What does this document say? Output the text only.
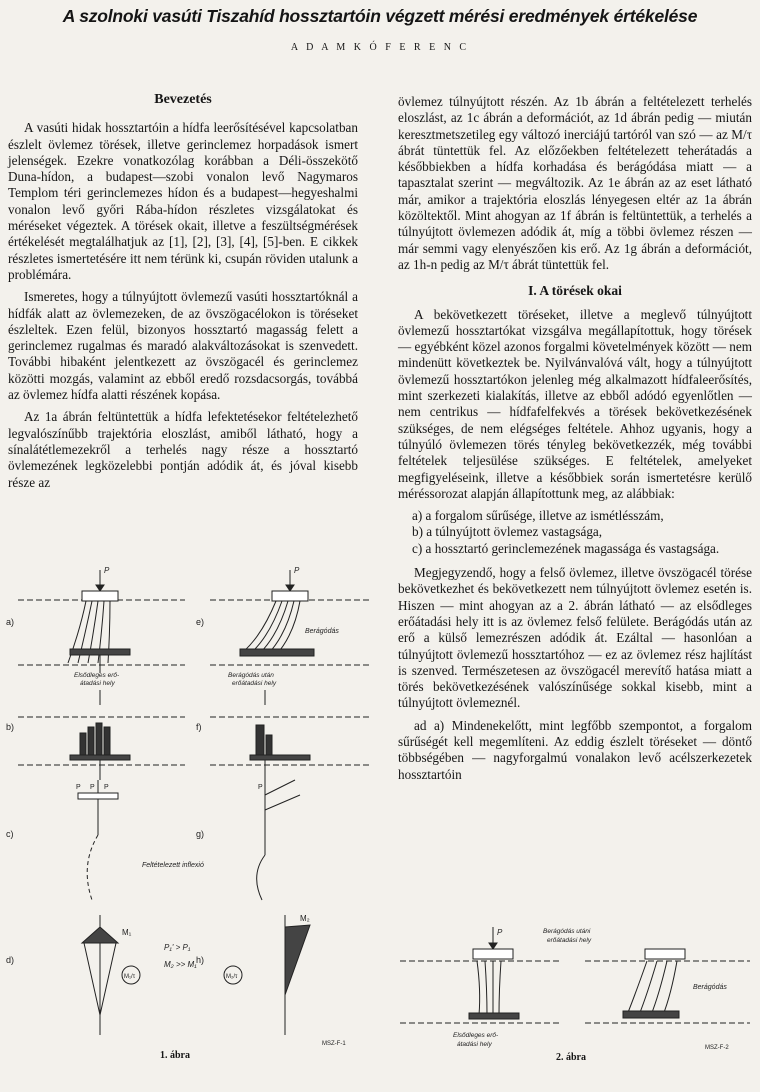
A szolnoki vasúti Tiszahíd hossztartóin végzett mérési eredmények értékelése
A D A M K Ó F E R E N C
Bevezetés

A vasúti hidak hossztartóin a hídfa leerősítésével kapcsolatban észlelt övlemez törések, illetve gerinclemez horpadások ismert jelenségek. Ezekre vonatkozólag korábban a Déli-összekötő Duna-hídon, a budapest—szobi vonalon levő Nagymaros Templom téri gerinclemezes hídon és a budapest—hegyeshalmi vonalon levő győri Rába-hídon részletes vizsgálatokat és méréseket végeztek. A törések okait, illetve a feszültségmérések értékelését megtalálhatjuk az [1], [2], [3], [4], [5]-ben. E cikkek részletes ismertetésére itt nem térünk ki, csupán röviden utalunk a problémára.

Ismeretes, hogy a túlnyújtott övlemezű vasúti hossztartóknál a hídfák alatt az övlemezeken, de az övszögacélokon is töréseket észleltek. Ezen felül, bizonyos hossztartó magasság felett a gerinclemez rugalmas és maradó alakváltozásokat is szenvedett. További hibaként jelentkezett az övszögacél és gerinclemez közötti mozgás, valamint az ebből eredő rozsdacsorgás, továbbá az övlemez hídfa alatti részének kopása.

Az 1a ábrán feltüntettük a hídfa lefektetésekor feltételezhető legvalószínűbb trajektória eloszlást, amiből látható, hogy a sínalátétlemezekről a terhelés nagy része a hossztartó övlemezének legközelebbi pontján adódik át, és jóval kisebb része az

övlemez túlnyújtott részén. Az 1b ábrán a feltételezett terhelés eloszlást, az 1c ábrán a deformációt, az 1d ábrán pedig — miután keresztmetszetileg egy változó inerciájú tartóról van szó — az M/τ ábrát tüntettük fel. Az előzőekben feltételezett teherátadás a későbbiekben a hídfa korhadása és berágódása miatt — a tapasztalat szerint — megváltozik. Az 1e ábrán az az eset látható már, amikor a trajektória eloszlás lényegesen eltér az 1a ábrán közöltektől. Mint ahogyan az 1f ábrán is feltüntettük, a terhelés a túlnyújtott övlemezen adódik át, míg a többi övlemez részen — már semmi vagy elenyészően kis erő. Az 1g ábrán a deformációt, az 1h-n pedig az M/τ ábrát tüntettük fel.

I. A törések okai

A bekövetkezett töréseket, illetve a meglevő túlnyújtott övlemezű hossztartókat vizsgálva megállapítottuk, hogy törések — egyébként közel azonos forgalmi követelmények között — nem mindenütt következtek be. Nyilvánvalóvá vált, hogy a túlnyújtott övlemezű hossztartókon jelenleg még alkalmazott hídfaleerősítés, mint szerkezeti kialakítás, illetve az ebből adódó egyenlőtlen — nem centrikus — hídfafelfekvés a törések bekövetkezésének szükséges, de nem elégséges feltétele. Ahhoz ugyanis, hogy a túlnyúló övlemezen törés tényleg bekövetkezzék, még további feltételek teljesülése szükséges. E feltételek, amelyeket megfigyeléseink, illetve a későbbiek során ismertetésre kerülő méréssorozat alapján állapítottunk meg, az alábbiak:

a) a forgalom sűrűsége, illetve az ismétlésszám,
b) a túlnyújtott övlemez vastagsága,
c) a hossztartó gerinclemezének magassága és vastagsága.

Megjegyzendő, hogy a felső övlemez, illetve övszögacél törése bekövetkezhet és bekövetkezett nem túlnyújtott övlemez esetén is. Hiszen — mint ahogyan az a 2. ábrán látható — az elsődleges erőátadási hely itt is az övlemez felső felülete. Berágódás után az erő a külső lemezrészen adódik át. Ezáltal — hasonlóan a túlnyújtott övlemezű hossztartóhoz — ez az övlemez rész hajlítást is szenved. Természetesen az övszögacél merevítő hatása miatt a törés bekövetkezésének valószínűsége sokkal kisebb, mint a túlnyújtott övlemeznél.

ad a) Mindenekelőtt, mint legfőbb szempontot, a forgalom sűrűségét kell megemlíteni. Az eddig észlelt töréseket — döntő többségében — nagyforgalmú vonalakon levő acélszerkezetek hossztartóin

a)
b)
c)
d)
e)
f)
g)
h)
P
Elsődleges erő-
átadási hely
P
Berágódás
Berágódás után
erőátadási hely
P P P
Feltételezett inflexió
P
M₁
P₁' > P₁
M₂ >> M₁
M₁/τ
M₂
M₂/τ
MSZ-F-1
1. ábra
P
Elsődleges erő-
átadási hely
Berágódás utáni
erőátadási hely
Berágódás
MSZ-F-2
2. ábra
